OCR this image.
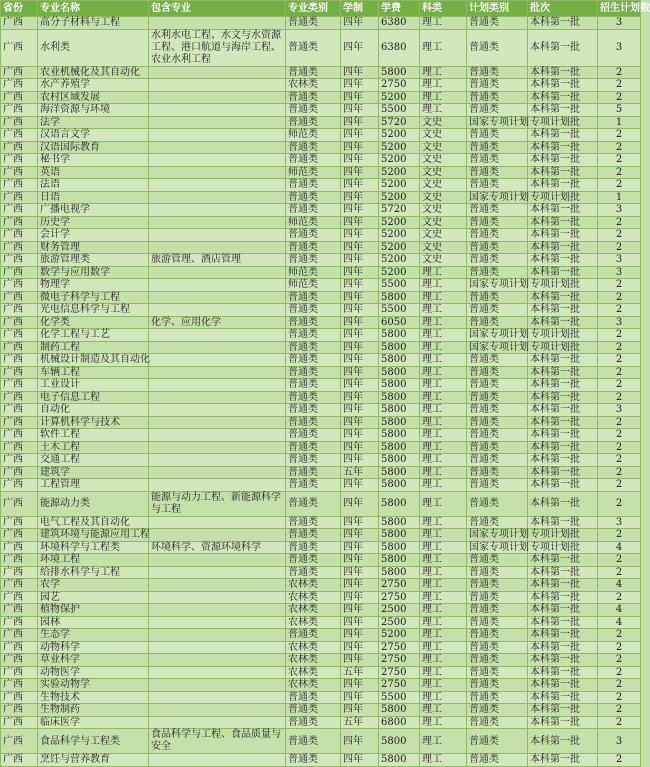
省份	专业名称	包含专业	专业类别	学制	学费	科类	计划类别	批次	招生计划数
广西	高分子材料与工程		普通类	四年	6380	理工	普通类	本科第一批	3
广西	水利类	水利水电工程、水文与水资源工程、港口航道与海岸工程、农业水利工程	普通类	四年	6380	理工	普通类	本科第一批	3
广西	农业机械化及其自动化		普通类	四年	5800	理工	普通类	本科第一批	2
广西	水产养殖学		农林类	四年	2750	理工	普通类	本科第一批	2
广西	农村区域发展		普通类	四年	5200	理工	普通类	本科第一批	2
广西	海洋资源与环境		普通类	四年	5500	理工	普通类	本科第一批	5
广西	法学		普通类	四年	5720	文史	国家专项计划	专项计划批	1
广西	汉语言文学		师范类	四年	5200	文史	普通类	本科第一批	2
广西	汉语国际教育		普通类	四年	5200	文史	普通类	本科第一批	2
广西	秘书学		普通类	四年	5200	文史	普通类	本科第一批	2
广西	英语		师范类	四年	5200	文史	普通类	本科第一批	2
广西	法语		普通类	四年	5200	文史	普通类	本科第一批	2
广西	日语		普通类	四年	5200	文史	国家专项计划	专项计划批	1
广西	广播电视学		普通类	四年	5720	文史	普通类	本科第一批	3
广西	历史学		师范类	四年	5200	文史	普通类	本科第一批	2
广西	会计学		普通类	四年	5200	文史	普通类	本科第一批	2
广西	财务管理		普通类	四年	5200	文史	普通类	本科第一批	2
广西	旅游管理类	旅游管理、酒店管理	普通类	四年	5200	文史	普通类	本科第一批	3
广西	数学与应用数学		师范类	四年	5200	理工	普通类	本科第一批	3
广西	物理学		师范类	四年	5500	理工	国家专项计划	专项计划批	2
广西	微电子科学与工程		普通类	四年	5800	理工	普通类	本科第一批	2
广西	光电信息科学与工程		普通类	四年	5500	理工	普通类	本科第一批	2
广西	化学类	化学、应用化学	普通类	四年	6050	理工	普通类	本科第一批	3
广西	化学工程与工艺		普通类	四年	5800	理工	国家专项计划	专项计划批	2
广西	制药工程		普通类	四年	5800	理工	国家专项计划	专项计划批	2
广西	机械设计制造及其自动化		普通类	四年	5800	理工	普通类	本科第一批	2
广西	车辆工程		普通类	四年	5800	理工	普通类	本科第一批	2
广西	工业设计		普通类	四年	5800	理工	普通类	本科第一批	2
广西	电子信息工程		普通类	四年	5800	理工	普通类	本科第一批	2
广西	自动化		普通类	四年	5800	理工	普通类	本科第一批	3
广西	计算机科学与技术		普通类	四年	5800	理工	普通类	本科第一批	2
广西	软件工程		普通类	四年	5800	理工	普通类	本科第一批	2
广西	土木工程		普通类	四年	5800	理工	普通类	本科第一批	2
广西	交通工程		普通类	四年	5800	理工	普通类	本科第一批	2
广西	建筑学		普通类	五年	5800	理工	普通类	本科第一批	2
广西	工程管理		普通类	四年	5800	理工	普通类	本科第一批	2
广西	能源动力类	能源与动力工程、新能源科学与工程	普通类	四年	5800	理工	普通类	本科第一批	2
广西	电气工程及其自动化		普通类	四年	5800	理工	普通类	本科第一批	3
广西	建筑环境与能源应用工程		普通类	四年	5800	理工	国家专项计划	专项计划批	2
广西	环境科学与工程类	环境科学、资源环境科学	普通类	四年	5800	理工	国家专项计划	专项计划批	4
广西	环境工程		普通类	四年	5800	理工	普通类	本科第一批	2
广西	给排水科学与工程		普通类	四年	5800	理工	普通类	本科第一批	2
广西	农学		农林类	四年	2750	理工	普通类	本科第一批	4
广西	园艺		农林类	四年	2750	理工	普通类	本科第一批	2
广西	植物保护		农林类	四年	2500	理工	普通类	本科第一批	4
广西	园林		农林类	四年	2500	理工	普通类	本科第一批	4
广西	生态学		普通类	四年	5200	理工	普通类	本科第一批	2
广西	动物科学		农林类	四年	2750	理工	普通类	本科第一批	2
广西	草业科学		农林类	四年	2750	理工	普通类	本科第一批	2
广西	动物医学		农林类	五年	2750	理工	普通类	本科第一批	2
广西	实验动物学		农林类	四年	2750	理工	普通类	本科第一批	2
广西	生物技术		普通类	四年	5500	理工	普通类	本科第一批	2
广西	生物制药		普通类	四年	5800	理工	普通类	本科第一批	2
广西	临床医学		普通类	五年	6800	理工	普通类	本科第一批	2
广西	食品科学与工程类	食品科学与工程、食品质量与安全	普通类	四年	5800	理工	普通类	本科第一批	3
广西	烹饪与营养教育		普通类	四年	5800	理工	普通类	本科第一批	2
